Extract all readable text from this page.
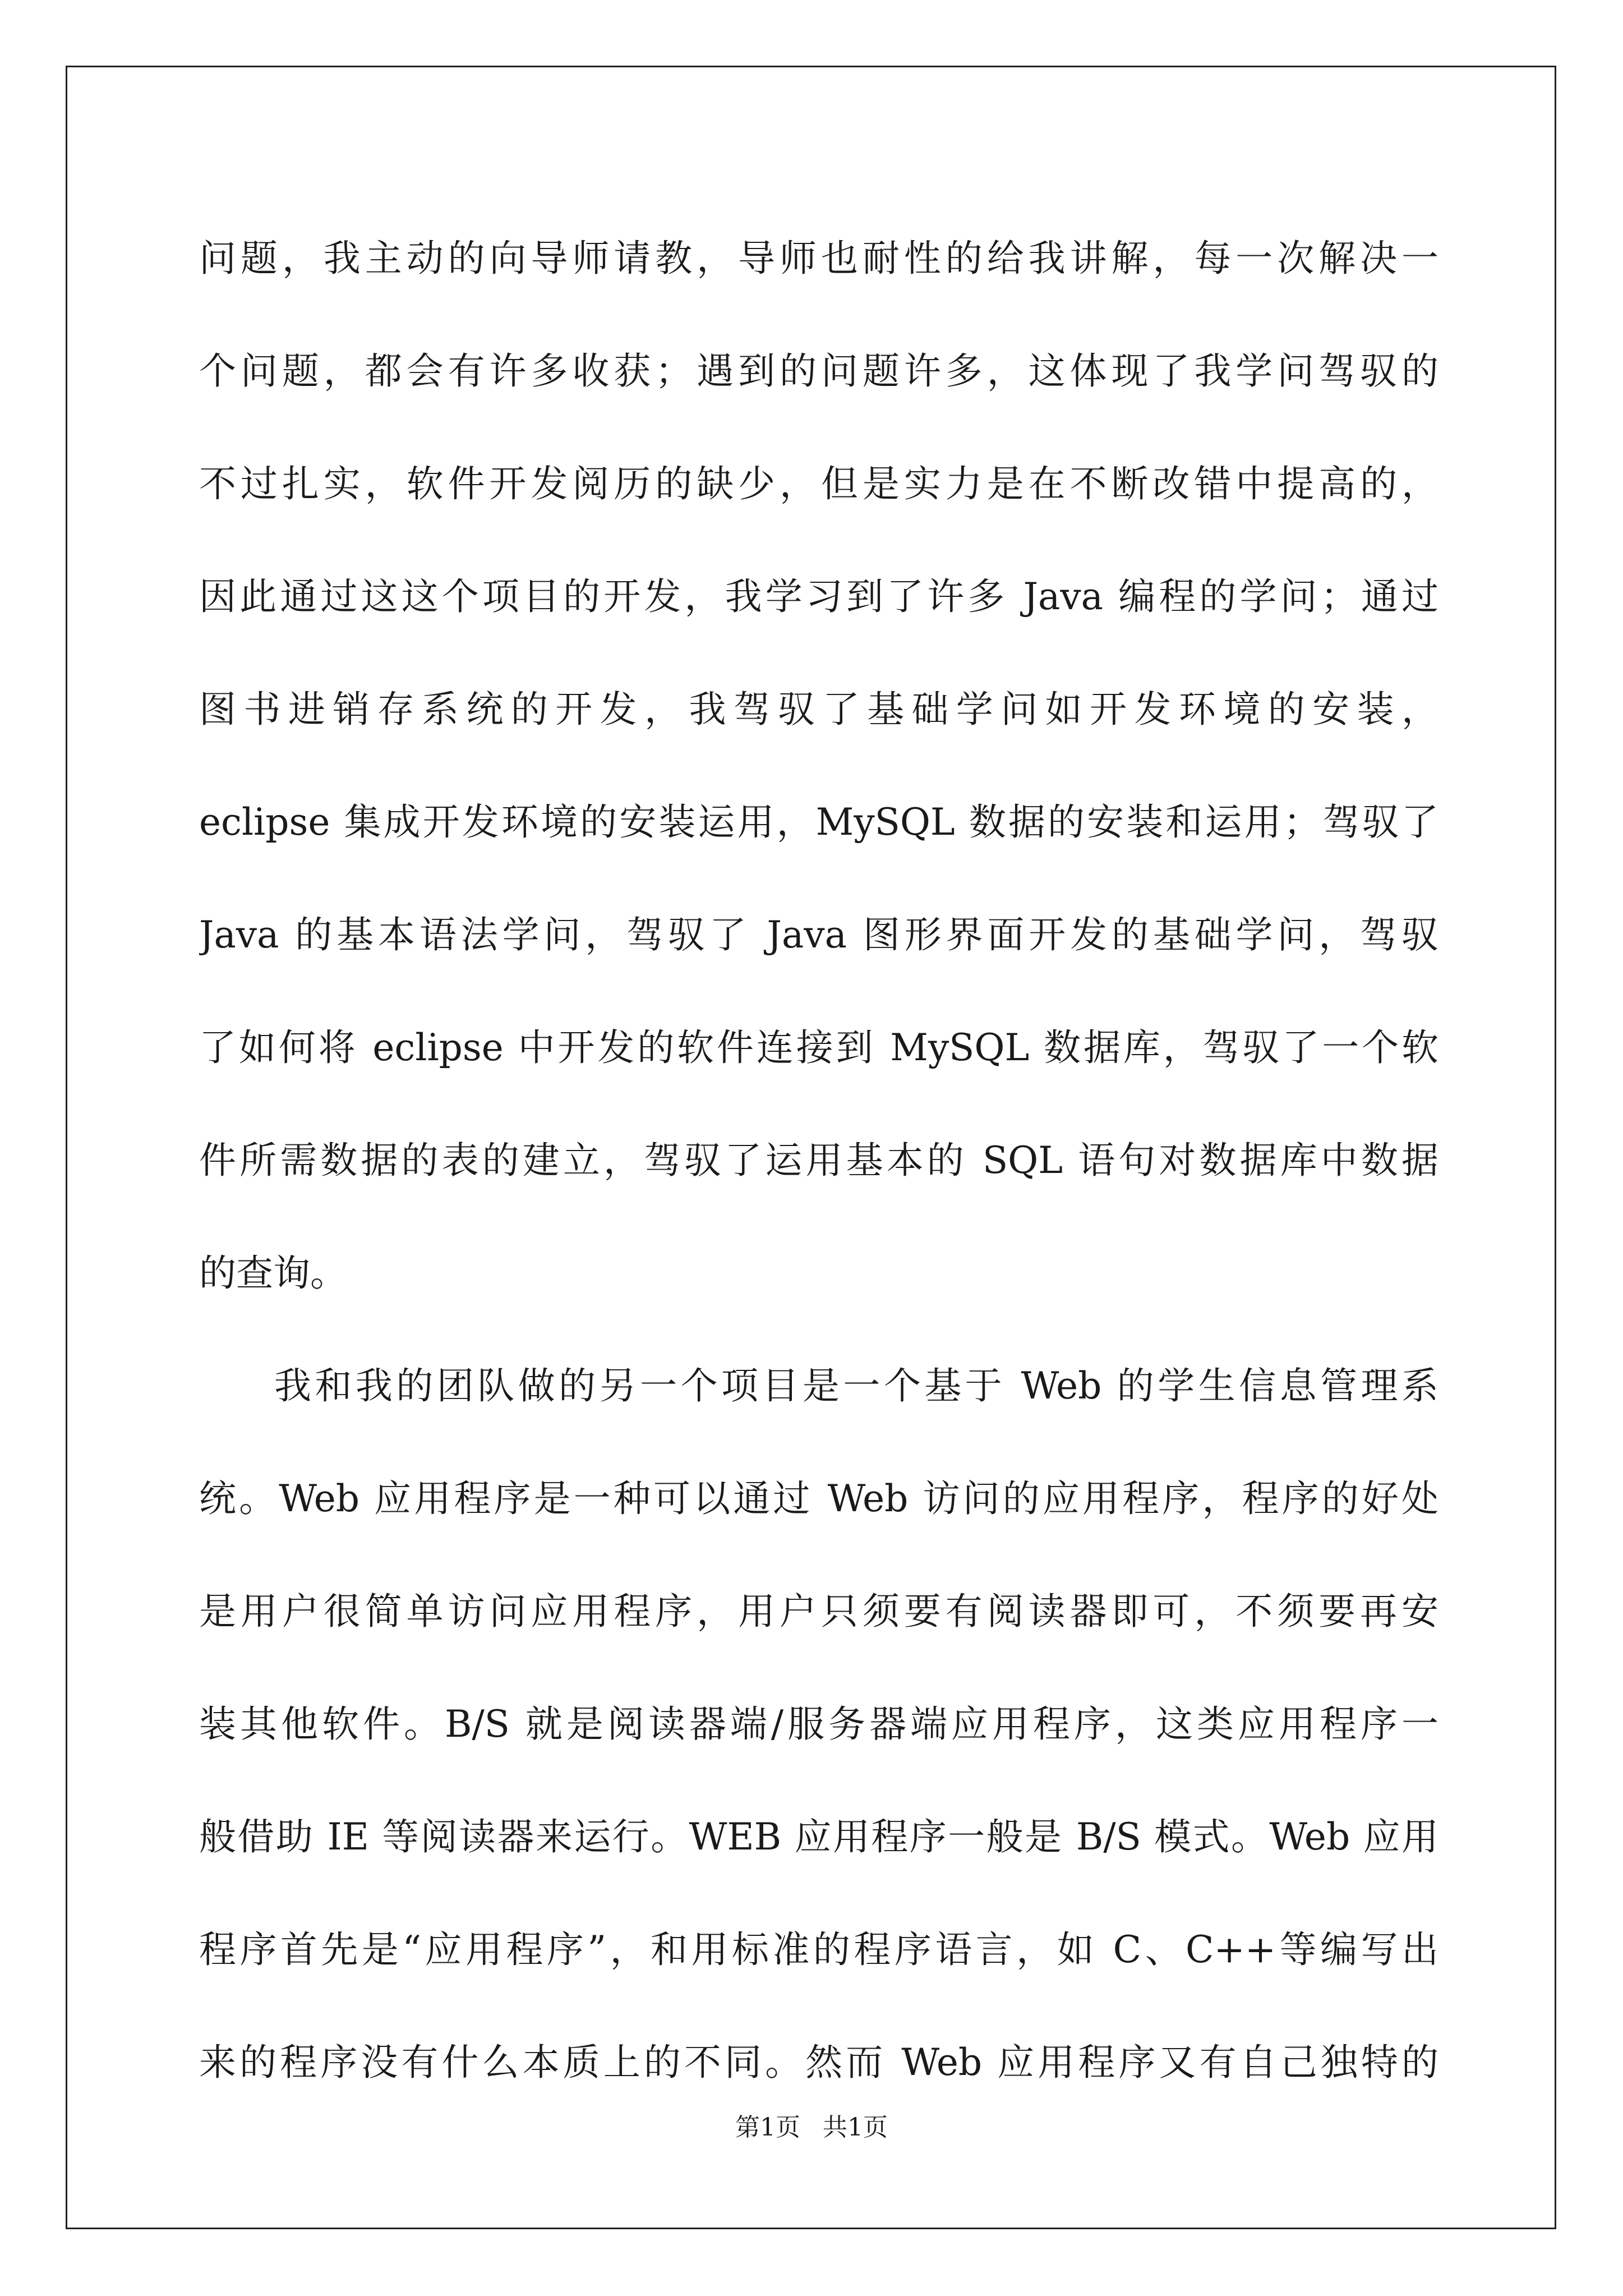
问题，我主动的向导师请教，导师也耐性的给我讲解，每一次解决一
个问题，都会有许多收获；遇到的问题许多，这体现了我学问驾驭的
不过扎实，软件开发阅历的缺少，但是实力是在不断改错中提高的，
因此通过这这个项目的开发，我学习到了许多 Java 编程的学问；通过
图书进销存系统的开发，我驾驭了基础学问如开发环境的安装，
eclipse 集成开发环境的安装运用，MySQL 数据的安装和运用；驾驭了
Java 的基本语法学问，驾驭了 Java 图形界面开发的基础学问，驾驭
了如何将 eclipse 中开发的软件连接到 MySQL 数据库，驾驭了一个软
件所需数据的表的建立，驾驭了运用基本的 SQL 语句对数据库中数据
的查询。
我和我的团队做的另一个项目是一个基于 Web 的学生信息管理系
统。Web 应用程序是一种可以通过 Web 访问的应用程序，程序的好处
是用户很简单访问应用程序，用户只须要有阅读器即可，不须要再安
装其他软件。B/S 就是阅读器端/服务器端应用程序，这类应用程序一
般借助 IE 等阅读器来运行。WEB 应用程序一般是 B/S 模式。Web 应用
程序首先是“应用程序”，和用标准的程序语言，如 C、C++等编写出
来的程序没有什么本质上的不同。然而 Web 应用程序又有自己独特的
第1页 共1页
